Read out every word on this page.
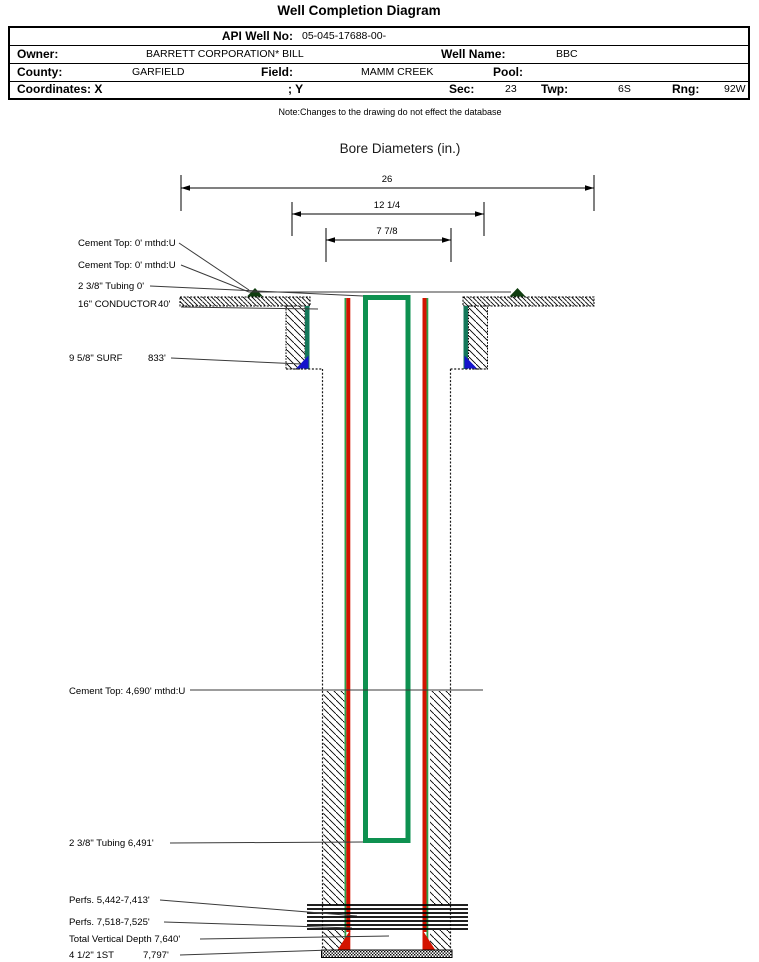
Well Completion Diagram
API Well No: 05-045-17688-00-
Owner:	BARRETT CORPORATION* BILL	Well Name:	BBC
County:	GARFIELD	Field:	MAMM CREEK	Pool:
Coordinates: X	; Y	Sec:	23 Twp:	6S	Rng: 92W
Note:Changes to the drawing do not effect the database
Bore Diameters (in.)
26
12 1/4
7 7/8
Cement Top: 0' mthd:U
Cement Top: 0' mthd:U
2 3/8" Tubing 0'
16" CONDUCTOR 40'
9 5/8" SURF	833'
Cement Top: 4,690' mthd:U
2 3/8" Tubing 6,491'
Perfs. 5,442-7,413'
Perfs. 7,518-7,525'
Total Vertical Depth 7,640'
4 1/2" 1ST	7,797'
